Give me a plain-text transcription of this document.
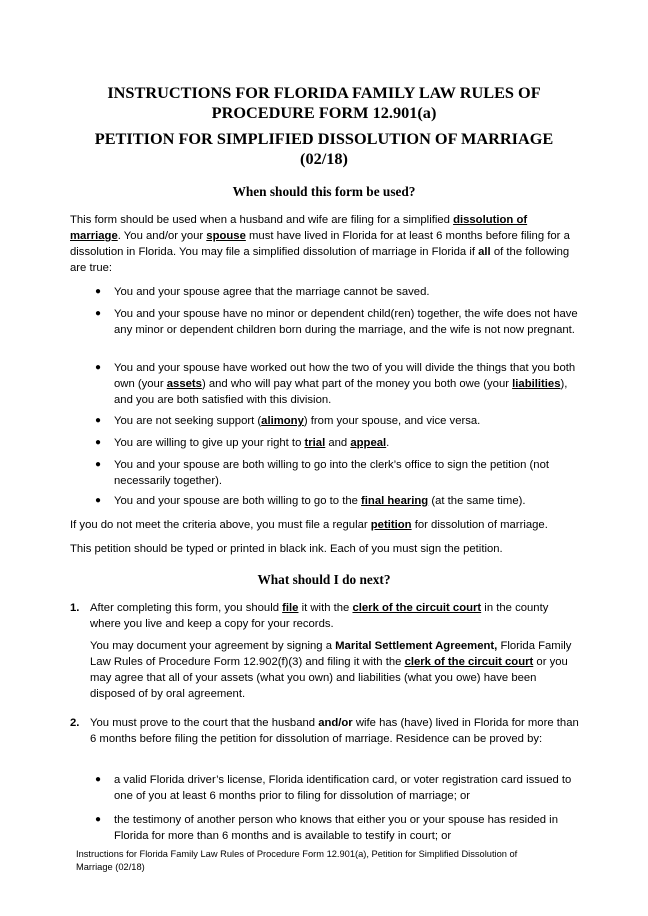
INSTRUCTIONS FOR FLORIDA FAMILY LAW RULES OF
PROCEDURE FORM 12.901(a)
PETITION FOR SIMPLIFIED DISSOLUTION OF MARRIAGE
(02/18)
When should this form be used?
This form should be used when a husband and wife are filing for a simplified dissolution of marriage. You and/or your spouse must have lived in Florida for at least 6 months before filing for a dissolution in Florida. You may file a simplified dissolution of marriage in Florida if all of the following are true:
● You and your spouse agree that the marriage cannot be saved.
● You and your spouse have no minor or dependent child(ren) together, the wife does not have any minor or dependent children born during the marriage, and the wife is not now pregnant.
● You and your spouse have worked out how the two of you will divide the things that you both own (your assets) and who will pay what part of the money you both owe (your liabilities), and you are both satisfied with this division.
● You are not seeking support (alimony) from your spouse, and vice versa.
● You are willing to give up your right to trial and appeal.
● You and your spouse are both willing to go into the clerk’s office to sign the petition (not necessarily together).
● You and your spouse are both willing to go to the final hearing (at the same time).
If you do not meet the criteria above, you must file a regular petition for dissolution of marriage.
This petition should be typed or printed in black ink. Each of you must sign the petition.
What should I do next?
1. After completing this form, you should file it with the clerk of the circuit court in the county where you live and keep a copy for your records.
You may document your agreement by signing a Marital Settlement Agreement, Florida Family Law Rules of Procedure Form 12.902(f)(3) and filing it with the clerk of the circuit court or you may agree that all of your assets (what you own) and liabilities (what you owe) have been disposed of by oral agreement.
2. You must prove to the court that the husband and/or wife has (have) lived in Florida for more than 6 months before filing the petition for dissolution of marriage. Residence can be proved by:
● a valid Florida driver’s license, Florida identification card, or voter registration card issued to one of you at least 6 months prior to filing for dissolution of marriage; or
● the testimony of another person who knows that either you or your spouse has resided in Florida for more than 6 months and is available to testify in court; or
Instructions for Florida Family Law Rules of Procedure Form 12.901(a), Petition for Simplified Dissolution of Marriage (02/18)
